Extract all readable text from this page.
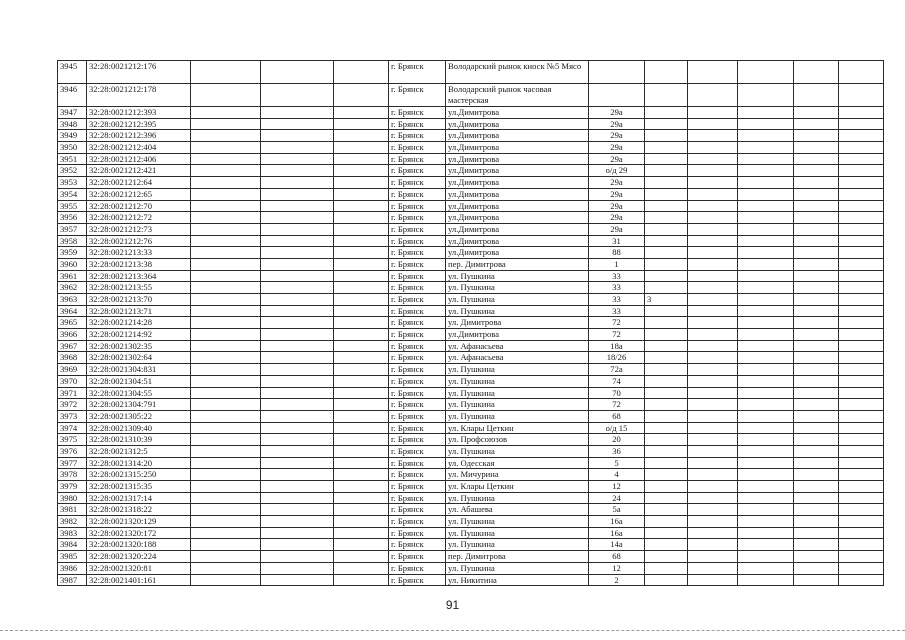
3945	32:28:0021212:176				г. Брянск	Володарский рынок киоск №5 Мясо						
3946	32:28:0021212:178				г. Брянск	Володарский рынок часовая мастерская						
3947	32:28:0021212:393				г. Брянск	ул.Димитрова	29а					
3948	32:28:0021212:395				г. Брянск	ул.Димитрова	29а					
3949	32:28:0021212:396				г. Брянск	ул.Димитрова	29а					
3950	32:28:0021212:404				г. Брянск	ул.Димитрова	29а					
3951	32:28:0021212:406				г. Брянск	ул.Димитрова	29а					
3952	32:28:0021212:421				г. Брянск	ул.Димитрова	о/д 29					
3953	32:28:0021212:64				г. Брянск	ул.Димитрова	29а					
3954	32:28:0021212:65				г. Брянск	ул.Димитрова	29а					
3955	32:28:0021212:70				г. Брянск	ул.Димитрова	29а					
3956	32:28:0021212:72				г. Брянск	ул.Димитрова	29а					
3957	32:28:0021212:73				г. Брянск	ул.Димитрова	29а					
3958	32:28:0021212:76				г. Брянск	ул.Димитрова	31					
3959	32:28:0021213:33				г. Брянск	ул.Димитрова	88					
3960	32:28:0021213:38				г. Брянск	пер. Димитрова	1					
3961	32:28:0021213:364				г. Брянск	ул. Пушкина	33					
3962	32:28:0021213:55				г. Брянск	ул. Пушкина	33					
3963	32:28:0021213:70				г. Брянск	ул. Пушкина	33	3				
3964	32:28:0021213:71				г. Брянск	ул. Пушкина	33					
3965	32:28:0021214:28				г. Брянск	ул. Димитрова	72					
3966	32:28:0021214:92				г. Брянск	ул.Димитрова	72					
3967	32:28:0021302:35				г. Брянск	ул. Афанасьева	18а					
3968	32:28:0021302:64				г. Брянск	ул. Афанасьева	18/26					
3969	32:28:0021304:831				г. Брянск	ул. Пушкина	72а					
3970	32:28:0021304:51				г. Брянск	ул. Пушкина	74					
3971	32:28:0021304:55				г. Брянск	ул. Пушкина	70					
3972	32:28:0021304:791				г. Брянск	ул. Пушкина	72					
3973	32:28:0021305:22				г. Брянск	ул. Пушкина	68					
3974	32:28:0021309:40				г. Брянск	ул. Клары Цеткин	о/д 15					
3975	32:28:0021310:39				г. Брянск	ул. Профсоюзов	20					
3976	32:28:0021312:5				г. Брянск	ул. Пушкина	36					
3977	32:28:0021314:20				г. Брянск	ул. Одесская	5					
3978	32:28:0021315:250				г. Брянск	ул. Мичурина	4					
3979	32:28:0021315:35				г. Брянск	ул. Клары Цеткин	12					
3980	32:28:0021317:14				г. Брянск	ул. Пушкина	24					
3981	32:28:0021318:22				г. Брянск	ул. Абашева	5а					
3982	32:28:0021320:129				г. Брянск	ул. Пушкина	16а					
3983	32:28:0021320:172				г. Брянск	ул. Пушкина	16а					
3984	32:28:0021320:188				г. Брянск	ул. Пушкина	14а					
3985	32:28:0021320:224				г. Брянск	пер. Димитрова	68					
3986	32:28:0021320:81				г. Брянск	ул. Пушкина	12					
3987	32:28:0021401:161				г. Брянск	ул. Никитина	2					
91
